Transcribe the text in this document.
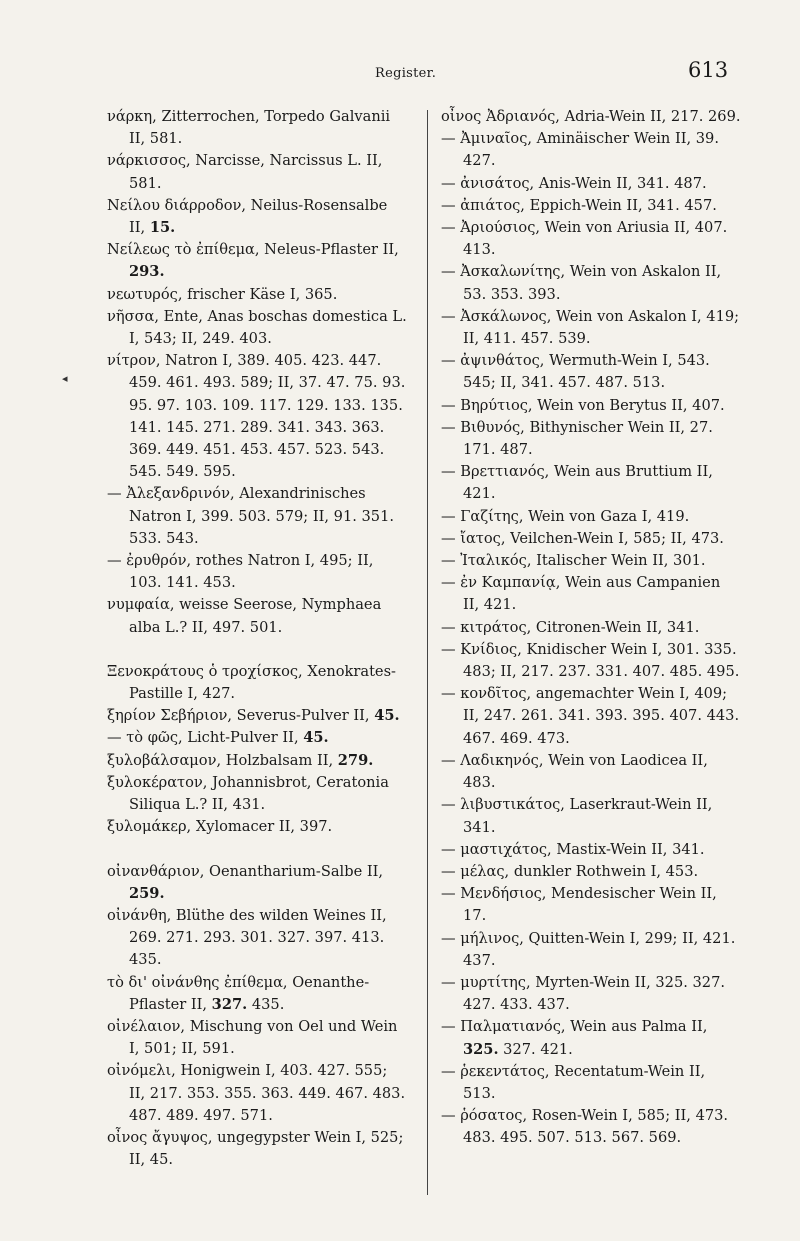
Register.	613
◂
νάρκη, Zitterrochen, Torpedo Galvanii II, 581.
νάρκισσος, Narcisse, Narcissus L. II, 581.
Νείλου διάρροδον, Neilus-Rosensalbe II, 15.
Νείλεως τὸ ἐπίθεμα, Neleus-Pflaster II, 293.
νεωτυρός, frischer Käse I, 365.
νῆσσα, Ente, Anas boschas domestica L. I, 543; II, 249. 403.
νίτρον, Natron I, 389. 405. 423. 447. 459. 461. 493. 589; II, 37. 47. 75. 93. 95. 97. 103. 109. 117. 129. 133. 135. 141. 145. 271. 289. 341. 343. 363. 369. 449. 451. 453. 457. 523. 543. 545. 549. 595.
— Ἀλεξανδρινόν, Alexandrinisches Natron I, 399. 503. 579; II, 91. 351. 533. 543.
— ἐρυθρόν, rothes Natron I, 495; II, 103. 141. 453.
νυμφαία, weisse Seerose, Nymphaea alba L.? II, 497. 501.
Ξενοκράτους ὁ τροχίσκος, Xenokrates-Pastille I, 427.
ξηρίον Σεβήριον, Severus-Pulver II, 45.
— τὸ φῶς, Licht-Pulver II, 45.
ξυλοβάλσαμον, Holzbalsam II, 279.
ξυλοκέρατον, Johannisbrot, Ceratonia Siliqua L.? II, 431.
ξυλομάκερ, Xylomacer II, 397.
οἰνανθάριον, Oenantharium-Salbe II, 259.
οἰνάνθη, Blüthe des wilden Weines II, 269. 271. 293. 301. 327. 397. 413. 435.
τὸ δι' οἰνάνθης ἐπίθεμα, Oenanthe-Pflaster II, 327. 435.
οἰνέλαιον, Mischung von Oel und Wein I, 501; II, 591.
οἰνόμελι, Honigwein I, 403. 427. 555; II, 217. 353. 355. 363. 449. 467. 483. 487. 489. 497. 571.
οἶνος ἄγυψος, ungegypster Wein I, 525; II, 45.
οἶνος Ἀδριανός, Adria-Wein II, 217. 269.
— Ἀμιναῖος, Aminäischer Wein II, 39. 427.
— ἀνισάτος, Anis-Wein II, 341. 487.
— ἀπιάτος, Eppich-Wein II, 341. 457.
— Ἀριούσιος, Wein von Ariusia II, 407. 413.
— Ἀσκαλωνίτης, Wein von Askalon II, 53. 353. 393.
— Ἀσκάλωνος, Wein von Askalon I, 419; II, 411. 457. 539.
— ἀψινθάτος, Wermuth-Wein I, 543. 545; II, 341. 457. 487. 513.
— Βηρύτιος, Wein von Berytus II, 407.
— Βιθυνός, Bithynischer Wein II, 27. 171. 487.
— Βρεττιανός, Wein aus Bruttium II, 421.
— Γαζίτης, Wein von Gaza I, 419.
— ἴατος, Veilchen-Wein I, 585; II, 473.
— Ἰταλικός, Italischer Wein II, 301.
— ἐν Καμπανίᾳ, Wein aus Campanien II, 421.
— κιτράτος, Citronen-Wein II, 341.
— Κνίδιος, Knidischer Wein I, 301. 335. 483; II, 217. 237. 331. 407. 485. 495.
— κονδῖτος, angemachter Wein I, 409; II, 247. 261. 341. 393. 395. 407. 443. 467. 469. 473.
— Λαδικηνός, Wein von Laodicea II, 483.
— λιβυστικάτος, Laserkraut-Wein II, 341.
— μαστιχάτος, Mastix-Wein II, 341.
— μέλας, dunkler Rothwein I, 453.
— Μενδήσιος, Mendesischer Wein II, 17.
— μήλινος, Quitten-Wein I, 299; II, 421. 437.
— μυρτίτης, Myrten-Wein II, 325. 327. 427. 433. 437.
— Παλματιανός, Wein aus Palma II, 325. 327. 421.
— ῥεκεντάτος, Recentatum-Wein II, 513.
— ῥόσατος, Rosen-Wein I, 585; II, 473. 483. 495. 507. 513. 567. 569.
